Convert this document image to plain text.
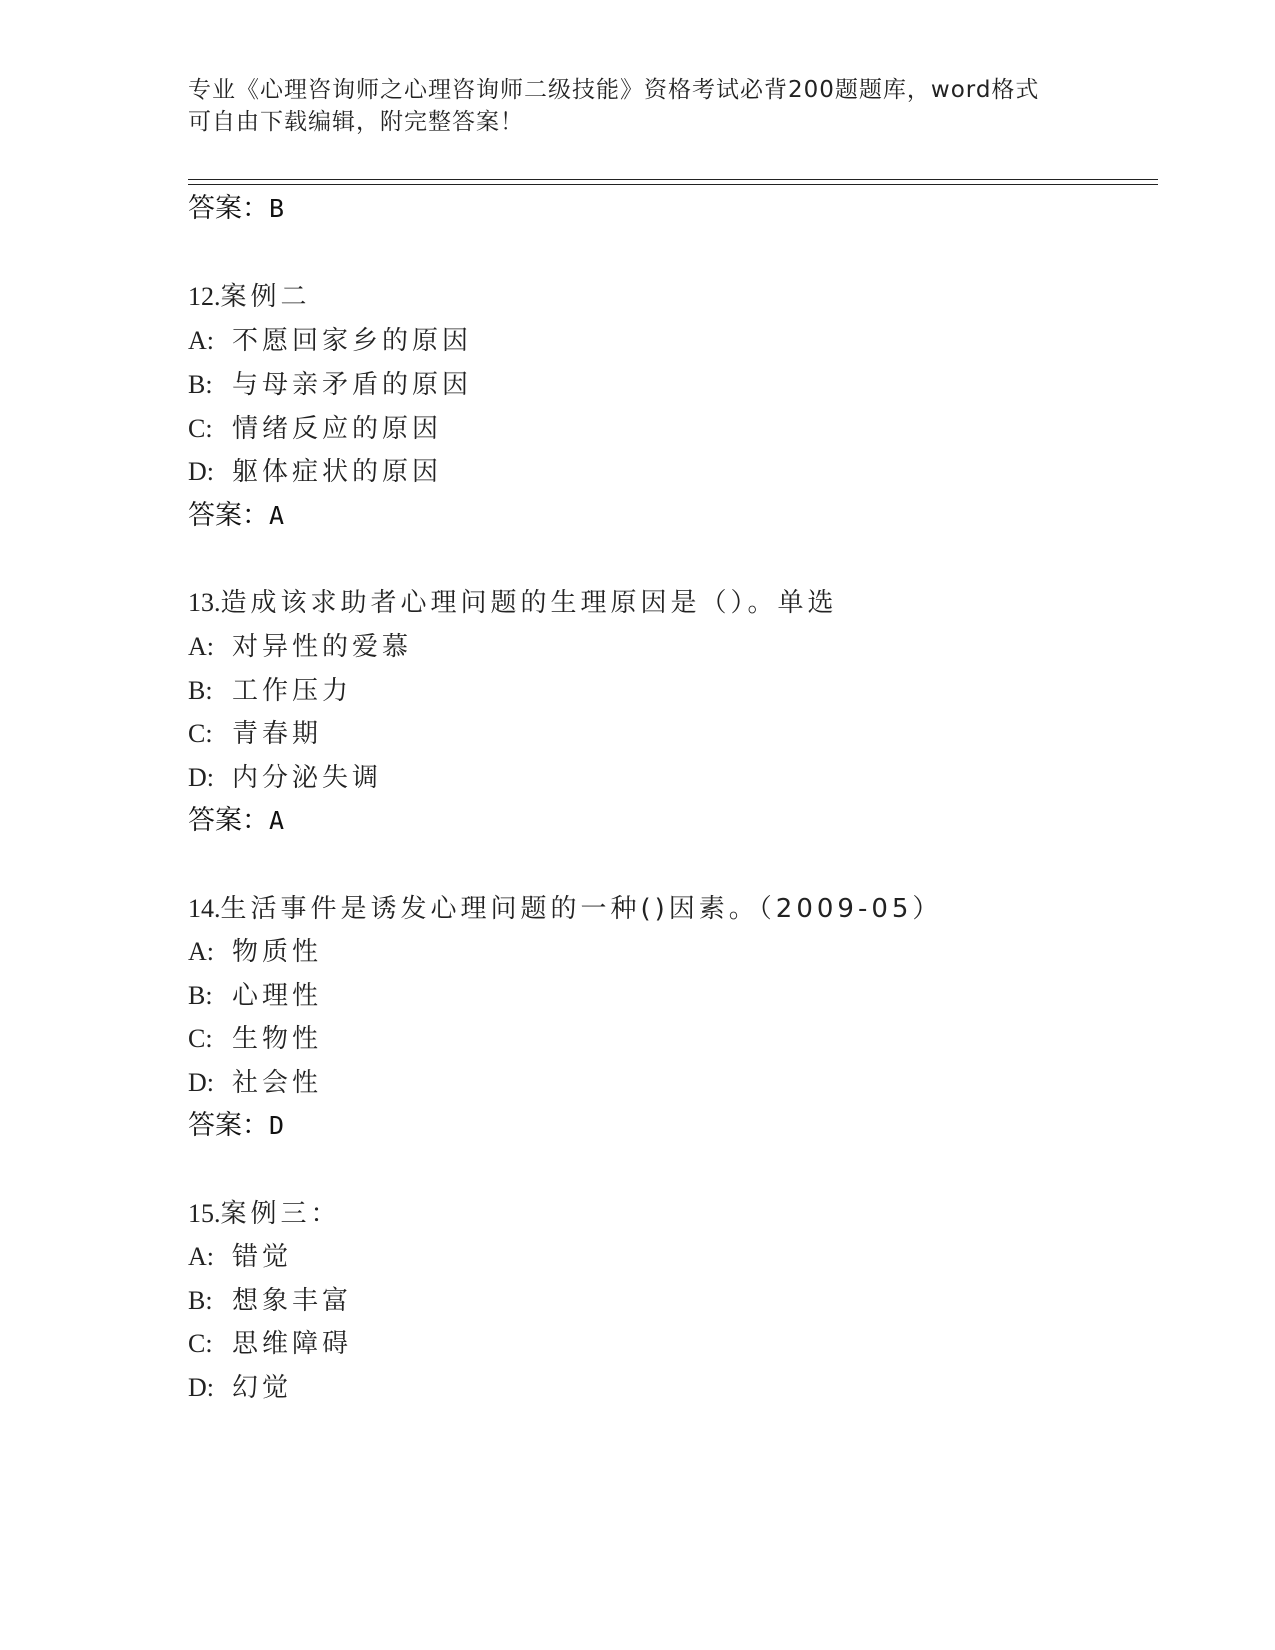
专业《心理咨询师之心理咨询师二级技能》资格考试必背200题题库，word格式
可自由下载编辑，附完整答案！
答案：B
12.案例二
A: 不愿回家乡的原因
B: 与母亲矛盾的原因
C: 情绪反应的原因
D: 躯体症状的原因
答案：A
13.造成该求助者心理问题的生理原因是（）。单选
A: 对异性的爱慕
B: 工作压力
C: 青春期
D: 内分泌失调
答案：A
14.生活事件是诱发心理问题的一种()因素。（2009-05）
A: 物质性
B: 心理性
C: 生物性
D: 社会性
答案：D
15.案例三：
A: 错觉
B: 想象丰富
C: 思维障碍
D: 幻觉
